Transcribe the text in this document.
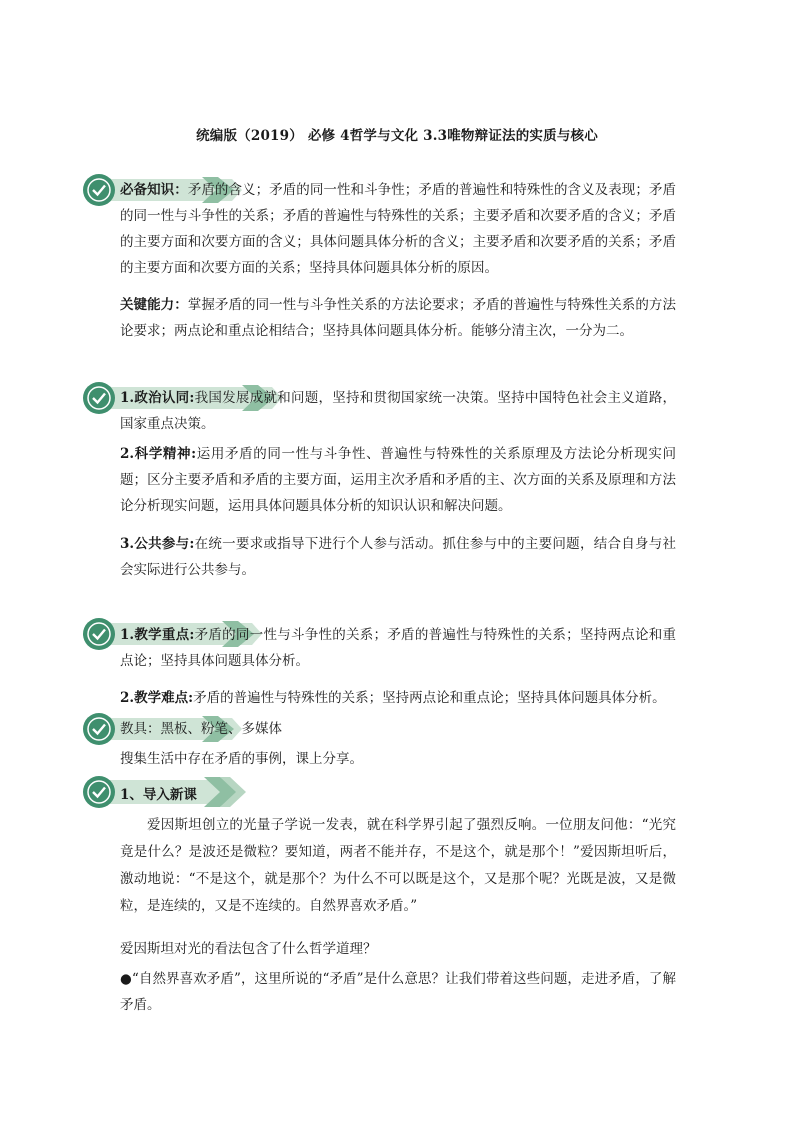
统编版（2019） 必修 4哲学与文化 3.3唯物辩证法的实质与核心
必备知识：矛盾的含义；矛盾的同一性和斗争性；矛盾的普遍性和特殊性的含义及表现；矛盾的同一性与斗争性的关系；矛盾的普遍性与特殊性的关系；主要矛盾和次要矛盾的含义；矛盾的主要方面和次要方面的含义；具体问题具体分析的含义；主要矛盾和次要矛盾的关系；矛盾的主要方面和次要方面的关系；坚持具体问题具体分析的原因。
关键能力：掌握矛盾的同一性与斗争性关系的方法论要求；矛盾的普遍性与特殊性关系的方法论要求；两点论和重点论相结合；坚持具体问题具体分析。能够分清主次，一分为二。
1.政治认同:我国发展成就和问题，坚持和贯彻国家统一决策。坚持中国特色社会主义道路，国家重点决策。
2.科学精神:运用矛盾的同一性与斗争性、普遍性与特殊性的关系原理及方法论分析现实问题；区分主要矛盾和矛盾的主要方面，运用主次矛盾和矛盾的主、次方面的关系及原理和方法论分析现实问题，运用具体问题具体分析的知识认识和解决问题。
3.公共参与:在统一要求或指导下进行个人参与活动。抓住参与中的主要问题，结合自身与社会实际进行公共参与。
1.教学重点:矛盾的同一性与斗争性的关系；矛盾的普遍性与特殊性的关系；坚持两点论和重点论；坚持具体问题具体分析。
2.教学难点:矛盾的普遍性与特殊性的关系；坚持两点论和重点论；坚持具体问题具体分析。
教具：黑板、粉笔、多媒体
搜集生活中存在矛盾的事例，课上分享。
1、导入新课
爱因斯坦创立的光量子学说一发表，就在科学界引起了强烈反响。一位朋友问他：“光究竟是什么？是波还是微粒？要知道，两者不能并存，不是这个，就是那个！”爱因斯坦听后，激动地说：“不是这个，就是那个？为什么不可以既是这个，又是那个呢？光既是波，又是微粒，是连续的，又是不连续的。自然界喜欢矛盾。”
爱因斯坦对光的看法包含了什么哲学道理？
●“自然界喜欢矛盾”，这里所说的“矛盾”是什么意思？让我们带着这些问题，走进矛盾，了解矛盾。
